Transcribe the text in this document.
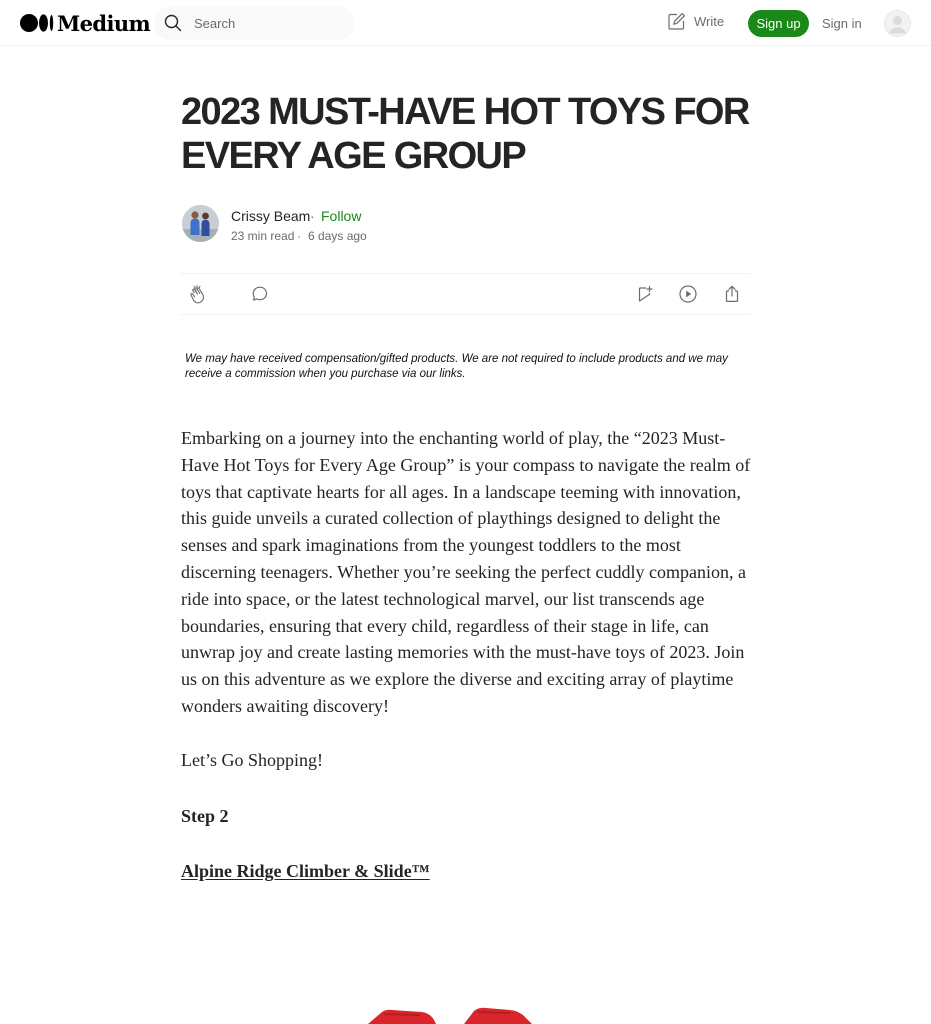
Medium
Search	Write	Sign up	Sign in
2023 MUST-HAVE HOT TOYS FOR EVERY AGE GROUP
Crissy Beam · Follow
23 min read · 6 days ago

We may have received compensation/gifted products. We are not required to include products and we may receive a commission when you purchase via our links.

Embarking on a journey into the enchanting world of play, the “2023 Must-Have Hot Toys for Every Age Group” is your compass to navigate the realm of toys that captivate hearts for all ages. In a landscape teeming with innovation, this guide unveils a curated collection of playthings designed to delight the senses and spark imaginations from the youngest toddlers to the most discerning teenagers. Whether you’re seeking the perfect cuddly companion, a ride into space, or the latest technological marvel, our list transcends age boundaries, ensuring that every child, regardless of their stage in life, can unwrap joy and create lasting memories with the must-have toys of 2023. Join us on this adventure as we explore the diverse and exciting array of playtime wonders awaiting discovery!

Let’s Go Shopping!

Step 2

Alpine Ridge Climber & Slide™
